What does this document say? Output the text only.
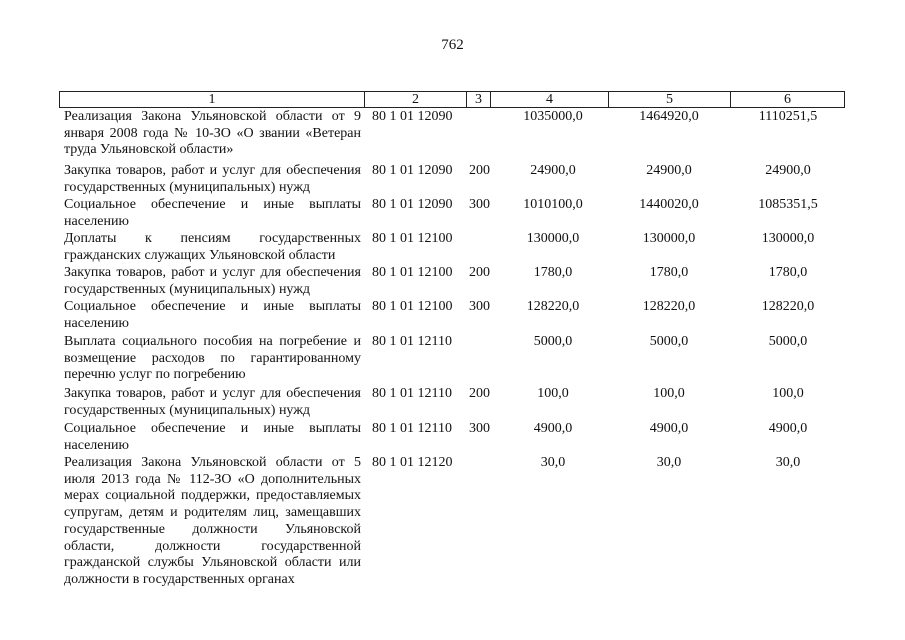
762
1	2	3	4	5	6
Реализация Закона Ульяновской области от 9 января 2008 года № 10-ЗО «О звании «Ветеран труда Ульяновской области»
80 1 01 12090	1035000,0	1464920,0	1110251,5
Закупка товаров, работ и услуг для обеспечения государственных (муниципальных) нужд
80 1 01 12090 200	24900,0	24900,0	24900,0
Социальное обеспечение и иные выплаты населению
80 1 01 12090 300	1010100,0	1440020,0	1085351,5
Доплаты к пенсиям государственных гражданских служащих Ульяновской области
80 1 01 12100	130000,0	130000,0	130000,0
Закупка товаров, работ и услуг для обеспечения государственных (муниципальных) нужд
80 1 01 12100 200	1780,0	1780,0	1780,0
Социальное обеспечение и иные выплаты населению
80 1 01 12100 300	128220,0	128220,0	128220,0
Выплата социального пособия на погребение и возмещение расходов по гарантированному перечню услуг по погребению
80 1 01 12110	5000,0	5000,0	5000,0
Закупка товаров, работ и услуг для обеспечения государственных (муниципальных) нужд
80 1 01 12110 200	100,0	100,0	100,0
Социальное обеспечение и иные выплаты населению
80 1 01 12110 300	4900,0	4900,0	4900,0
Реализация Закона Ульяновской области от 5 июля 2013 года № 112-ЗО «О дополнительных мерах социальной поддержки, предоставляемых супругам, детям и родителям лиц, замещавших государственные должности Ульяновской области, должности государственной гражданской службы Ульяновской области или должности в государственных органах
80 1 01 12120	30,0	30,0	30,0
